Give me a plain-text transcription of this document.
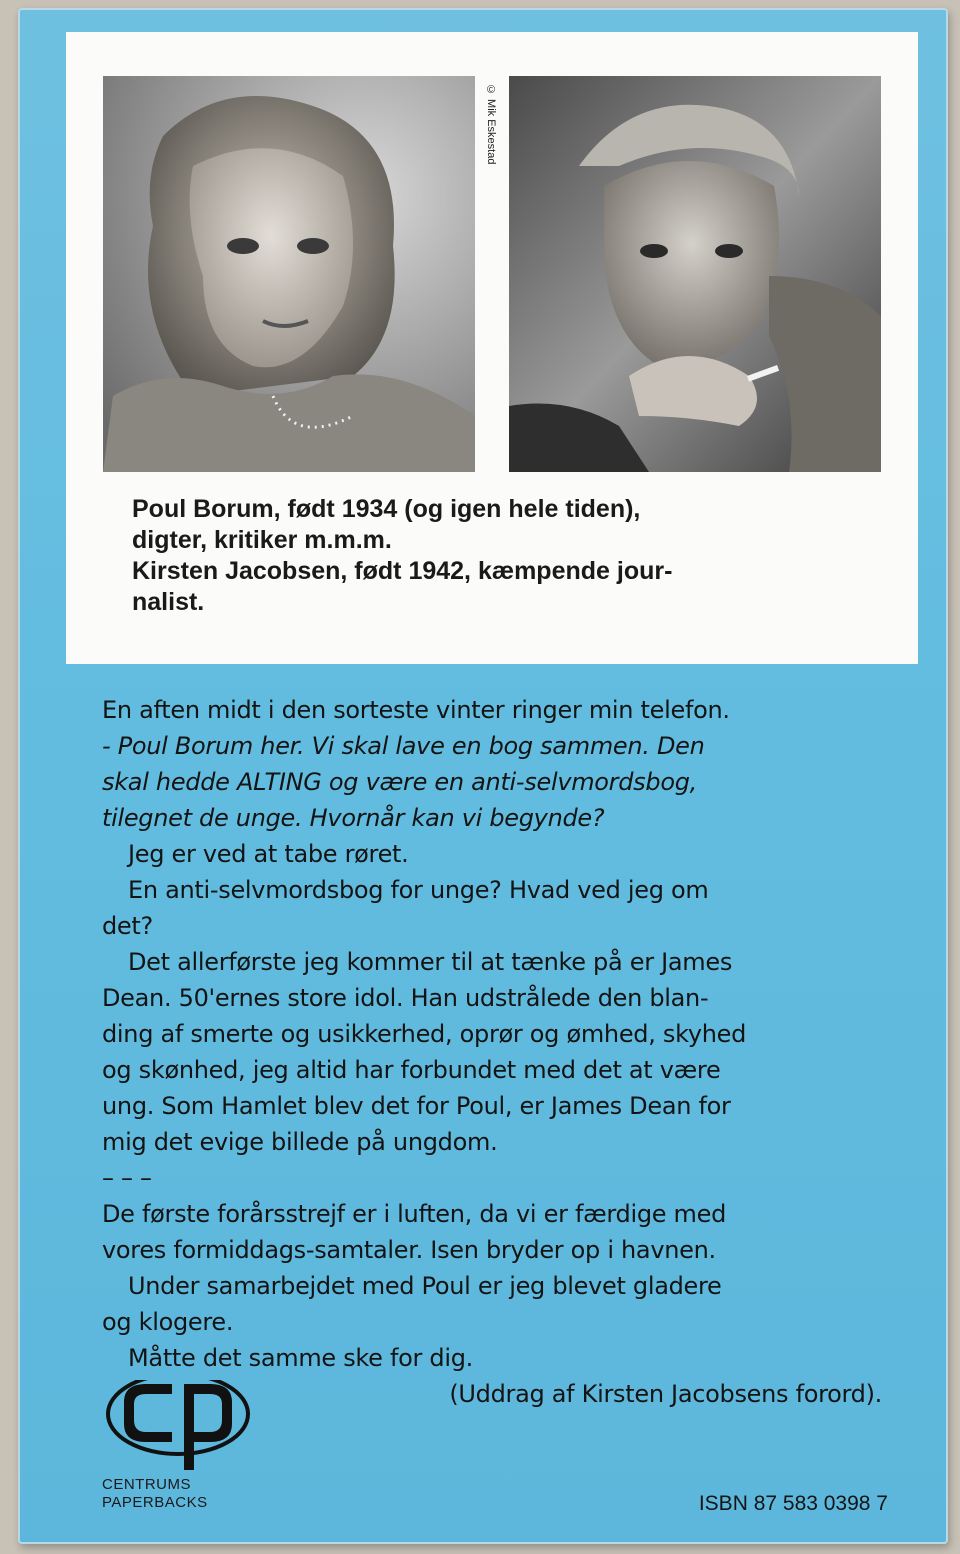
© Mik Eskestad
Poul Borum, født 1934 (og igen hele tiden),
digter, kritiker m.m.m.
Kirsten Jacobsen, født 1942, kæmpende jour-
nalist.
En aften midt i den sorteste vinter ringer min telefon.
- Poul Borum her. Vi skal lave en bog sammen. Den
skal hedde ALTING og være en anti-selvmordsbog,
tilegnet de unge. Hvornår kan vi begynde?
Jeg er ved at tabe røret.
En anti-selvmordsbog for unge? Hvad ved jeg om
det?
Det allerførste jeg kommer til at tænke på er James
Dean. 50'ernes store idol. Han udstrålede den blan-
ding af smerte og usikkerhed, oprør og ømhed, skyhed
og skønhed, jeg altid har forbundet med det at være
ung. Som Hamlet blev det for Poul, er James Dean for
mig det evige billede på ungdom.
– – –
De første forårsstrejf er i luften, da vi er færdige med
vores formiddags-samtaler. Isen bryder op i havnen.
Under samarbejdet med Poul er jeg blevet gladere
og klogere.
Måtte det samme ske for dig.
(Uddrag af Kirsten Jacobsens forord).
CENTRUMS
PAPERBACKS	ISBN 87 583 0398 7
